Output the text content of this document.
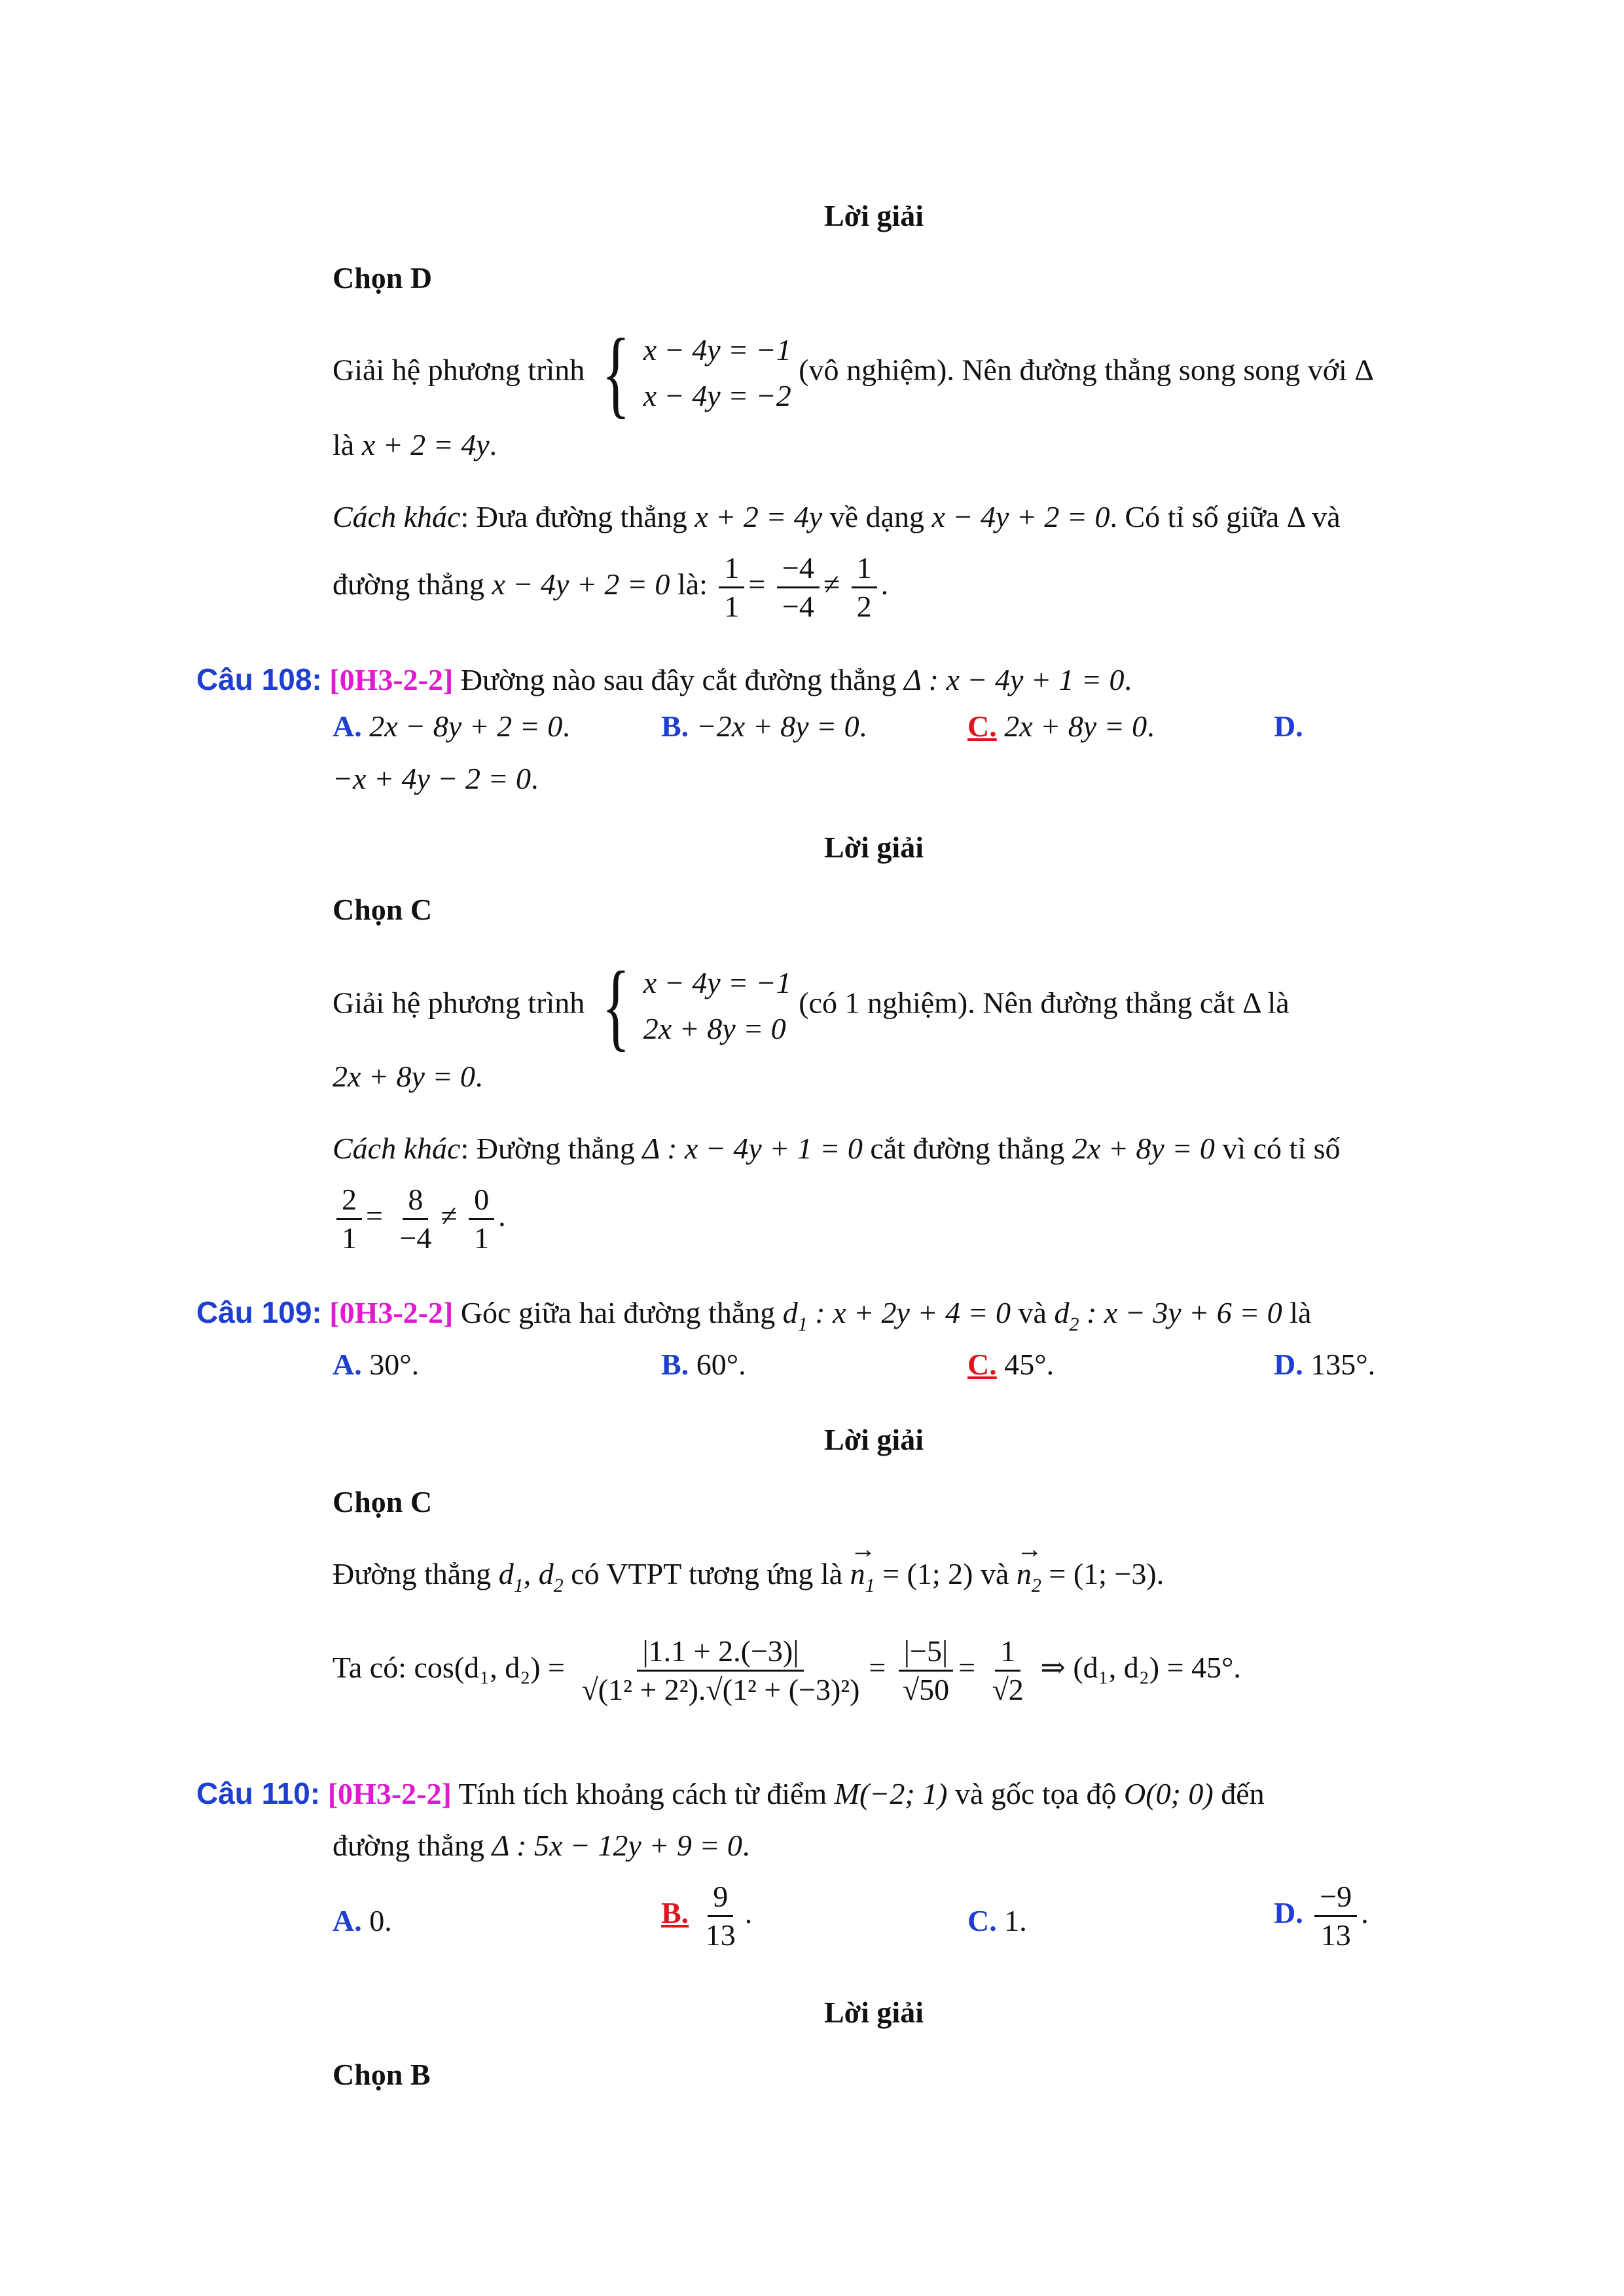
Lời giải
Chọn D
Giải hệ phương trình { x − 4y = −1
x − 4y = −2
(vô nghiệm). Nên đường thẳng song song với Δ
là x + 2 = 4y.
Cách khác: Đưa đường thẳng x + 2 = 4y về dạng x − 4y + 2 = 0. Có tỉ số giữa Δ và
đường thẳng x − 4y + 2 = 0 là: $\frac{1}{1} = \frac{-4}{-4} \ne \frac{1}{2}$ .
Câu 108: [0H3-2-2] Đường nào sau đây cắt đường thẳng Δ : x − 4y + 1 = 0.
A. 2x − 8y + 2 = 0.	B. −2x + 8y = 0.	C. 2x + 8y = 0.	D.
−x + 4y − 2 = 0.
Lời giải
Chọn C
Giải hệ phương trình { x − 4y = −1
2x + 8y = 0
(có 1 nghiệm). Nên đường thẳng cắt Δ là
2x + 8y = 0.
Cách khác: Đường thẳng Δ : x − 4y + 1 = 0 cắt đường thẳng 2x + 8y = 0 vì có tỉ số
$\frac{2}{1} = \frac{8}{-4} \ne \frac{0}{1}$ .
Câu 109: [0H3-2-2] Góc giữa hai đường thẳng $d_1$ : x + 2y + 4 = 0 và $d_2$ : x − 3y + 6 = 0 là
A. 30°.	B. 60°.	C. 45°.	D. 135°.
Lời giải
Chọn C
Đường thẳng $d_1$, $d_2$ có VTPT tương ứng là → $n_1 = (1$; 2) và → $n_2 = (1$; −3).
Ta có: cos(d₁, $d_2) = \frac{|1.1 + 2.(-3)|}{\text{√(1² + 2²).√(1² + (−3)²)}} = \frac{|-5|}{√50} = \frac{1}{√2}$ ⇒ (d₁, d₂) = 45°.
Câu 110: [0H3-2-2] Tính tích khoảng cách từ điểm M(−2; 1) và gốc tọa độ O(0; 0) đến
đường thẳng Δ : 5x − 12y + 9 = 0.
A. 0.	B. $\frac{9}{13}$ .	C. 1.	D. $\frac{-9}{13}$ .
Lời giải
Chọn B
